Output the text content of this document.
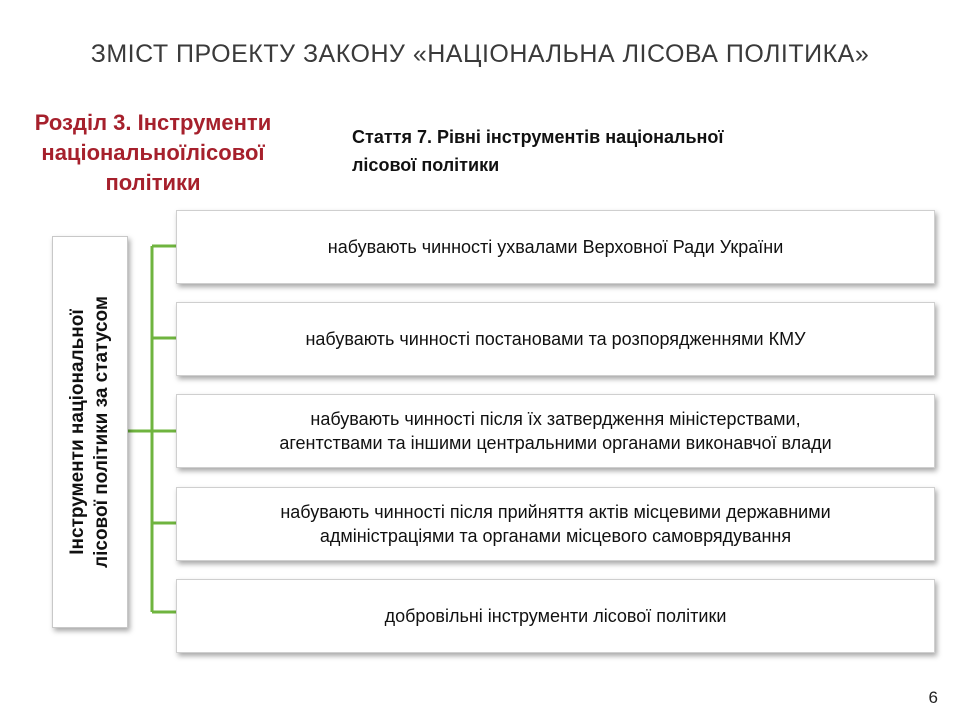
ЗМІСТ ПРОЕКТУ ЗАКОНУ «НАЦІОНАЛЬНА ЛІСОВА ПОЛІТИКА»
Розділ 3. Інструменти
національноїлісової
політики
Стаття 7. Рівні інструментів національної
лісової політики
Інструменти національної лісової політики за статусом
набувають чинності ухвалами Верховної Ради України
набувають чинності постановами та розпорядженнями КМУ
набувають чинності після їх затвердження міністерствами,
агентствами та іншими центральними органами виконавчої влади
набувають чинності після прийняття актів місцевими державними
адміністраціями та органами місцевого самоврядування
добровільні інструменти лісової політики
6
